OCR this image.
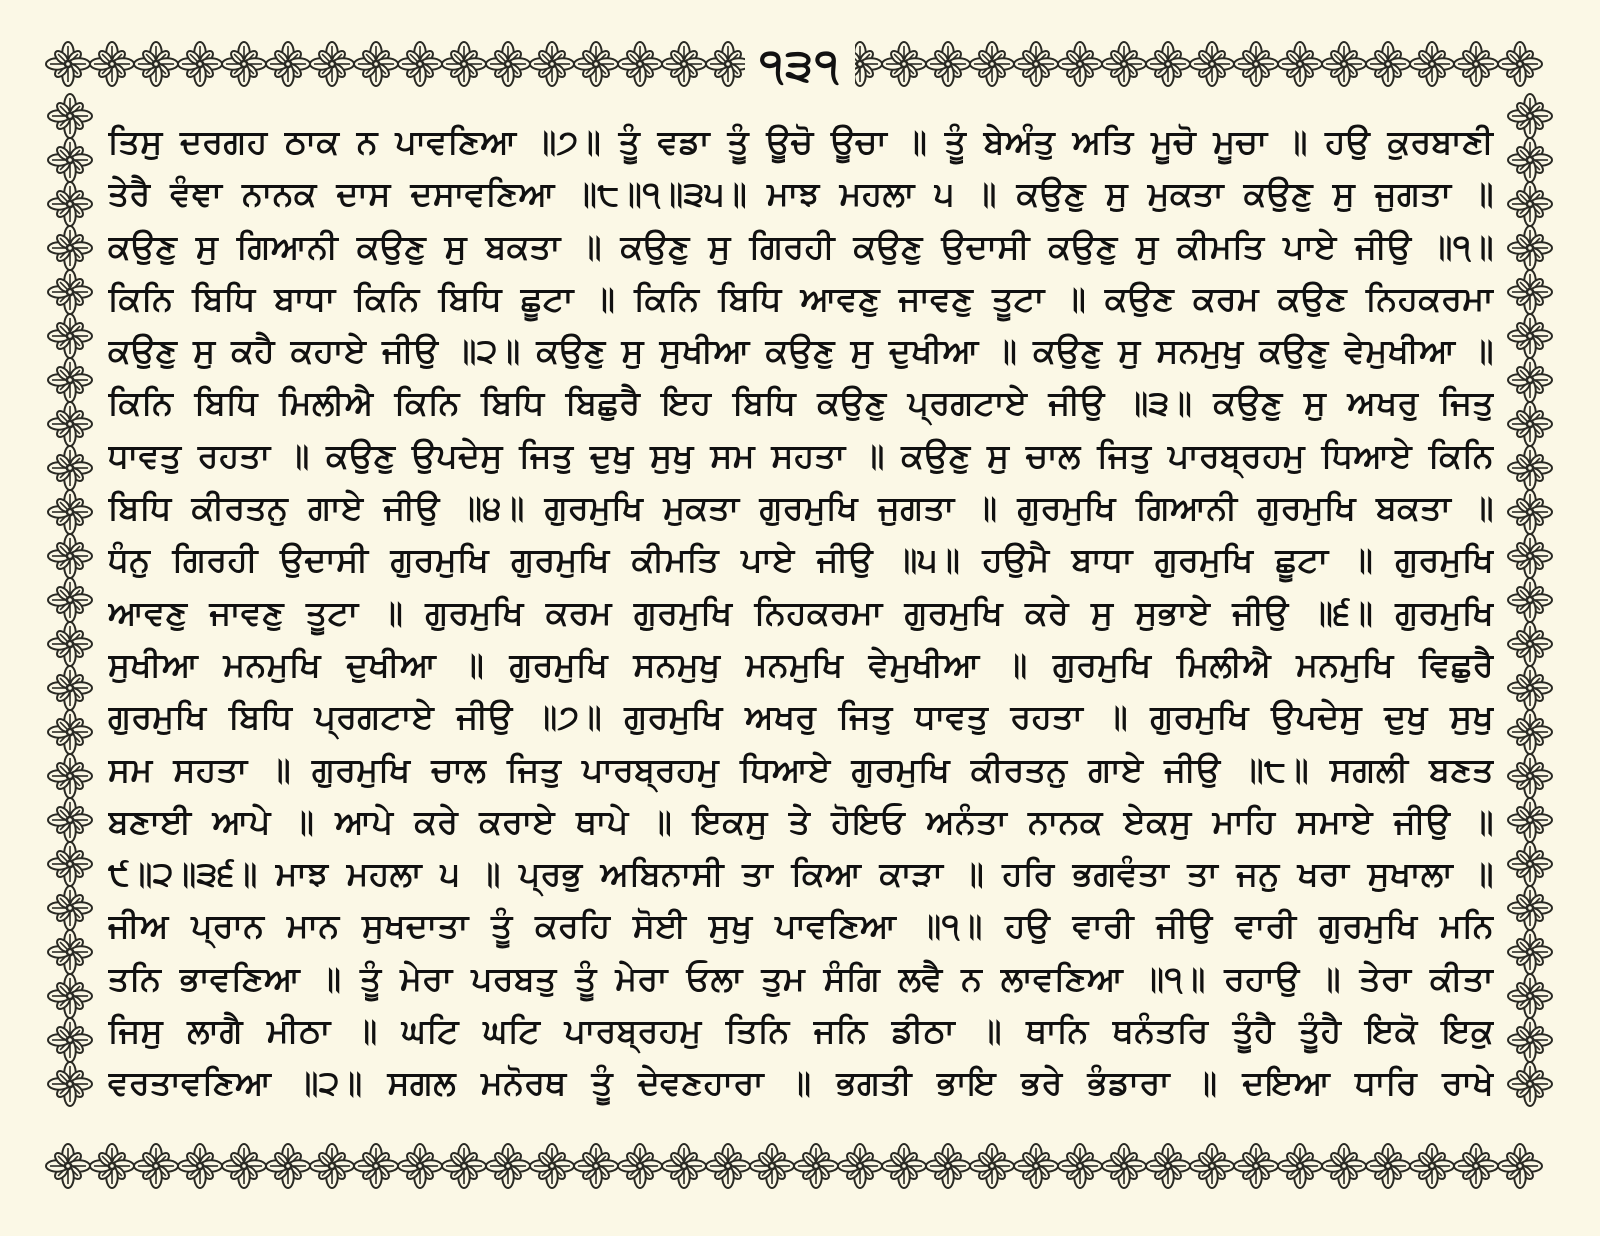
੧੩੧
ਤਿਸੁ ਦਰਗਹ ਠਾਕ ਨ ਪਾਵਣਿਆ ॥੭॥ ਤੂੰ ਵਡਾ ਤੂੰ ਊਚੋ ਊਚਾ ॥ ਤੂੰ ਬੇਅੰਤੁ ਅਤਿ ਮੂਚੋ ਮੂਚਾ ॥ ਹਉ ਕੁਰਬਾਣੀ
ਤੇਰੈ ਵੰਞਾ ਨਾਨਕ ਦਾਸ ਦਸਾਵਣਿਆ ॥੮॥੧॥੩੫॥ ਮਾਝ ਮਹਲਾ ੫ ॥ ਕਉਣੁ ਸੁ ਮੁਕਤਾ ਕਉਣੁ ਸੁ ਜੁਗਤਾ ॥
ਕਉਣੁ ਸੁ ਗਿਆਨੀ ਕਉਣੁ ਸੁ ਬਕਤਾ ॥ ਕਉਣੁ ਸੁ ਗਿਰਹੀ ਕਉਣੁ ਉਦਾਸੀ ਕਉਣੁ ਸੁ ਕੀਮਤਿ ਪਾਏ ਜੀਉ ॥੧॥
ਕਿਨਿ ਬਿਧਿ ਬਾਧਾ ਕਿਨਿ ਬਿਧਿ ਛੂਟਾ ॥ ਕਿਨਿ ਬਿਧਿ ਆਵਣੁ ਜਾਵਣੁ ਤੂਟਾ ॥ ਕਉਣ ਕਰਮ ਕਉਣ ਨਿਹਕਰਮਾ
ਕਉਣੁ ਸੁ ਕਹੈ ਕਹਾਏ ਜੀਉ ॥੨॥ ਕਉਣੁ ਸੁ ਸੁਖੀਆ ਕਉਣੁ ਸੁ ਦੁਖੀਆ ॥ ਕਉਣੁ ਸੁ ਸਨਮੁਖੁ ਕਉਣੁ ਵੇਮੁਖੀਆ ॥
ਕਿਨਿ ਬਿਧਿ ਮਿਲੀਐ ਕਿਨਿ ਬਿਧਿ ਬਿਛੁਰੈ ਇਹ ਬਿਧਿ ਕਉਣੁ ਪ੍ਰਗਟਾਏ ਜੀਉ ॥੩॥ ਕਉਣੁ ਸੁ ਅਖਰੁ ਜਿਤੁ
ਧਾਵਤੁ ਰਹਤਾ ॥ ਕਉਣੁ ਉਪਦੇਸੁ ਜਿਤੁ ਦੁਖੁ ਸੁਖੁ ਸਮ ਸਹਤਾ ॥ ਕਉਣੁ ਸੁ ਚਾਲ ਜਿਤੁ ਪਾਰਬ੍ਰਹਮੁ ਧਿਆਏ ਕਿਨਿ
ਬਿਧਿ ਕੀਰਤਨੁ ਗਾਏ ਜੀਉ ॥੪॥ ਗੁਰਮੁਖਿ ਮੁਕਤਾ ਗੁਰਮੁਖਿ ਜੁਗਤਾ ॥ ਗੁਰਮੁਖਿ ਗਿਆਨੀ ਗੁਰਮੁਖਿ ਬਕਤਾ ॥
ਧੰਨੁ ਗਿਰਹੀ ਉਦਾਸੀ ਗੁਰਮੁਖਿ ਗੁਰਮੁਖਿ ਕੀਮਤਿ ਪਾਏ ਜੀਉ ॥੫॥ ਹਉਮੈ ਬਾਧਾ ਗੁਰਮੁਖਿ ਛੂਟਾ ॥ ਗੁਰਮੁਖਿ
ਆਵਣੁ ਜਾਵਣੁ ਤੂਟਾ ॥ ਗੁਰਮੁਖਿ ਕਰਮ ਗੁਰਮੁਖਿ ਨਿਹਕਰਮਾ ਗੁਰਮੁਖਿ ਕਰੇ ਸੁ ਸੁਭਾਏ ਜੀਉ ॥੬॥ ਗੁਰਮੁਖਿ
ਸੁਖੀਆ ਮਨਮੁਖਿ ਦੁਖੀਆ ॥ ਗੁਰਮੁਖਿ ਸਨਮੁਖੁ ਮਨਮੁਖਿ ਵੇਮੁਖੀਆ ॥ ਗੁਰਮੁਖਿ ਮਿਲੀਐ ਮਨਮੁਖਿ ਵਿਛੁਰੈ
ਗੁਰਮੁਖਿ ਬਿਧਿ ਪ੍ਰਗਟਾਏ ਜੀਉ ॥੭॥ ਗੁਰਮੁਖਿ ਅਖਰੁ ਜਿਤੁ ਧਾਵਤੁ ਰਹਤਾ ॥ ਗੁਰਮੁਖਿ ਉਪਦੇਸੁ ਦੁਖੁ ਸੁਖੁ
ਸਮ ਸਹਤਾ ॥ ਗੁਰਮੁਖਿ ਚਾਲ ਜਿਤੁ ਪਾਰਬ੍ਰਹਮੁ ਧਿਆਏ ਗੁਰਮੁਖਿ ਕੀਰਤਨੁ ਗਾਏ ਜੀਉ ॥੮॥ ਸਗਲੀ ਬਣਤ
ਬਣਾਈ ਆਪੇ ॥ ਆਪੇ ਕਰੇ ਕਰਾਏ ਥਾਪੇ ॥ ਇਕਸੁ ਤੇ ਹੋਇਓ ਅਨੰਤਾ ਨਾਨਕ ਏਕਸੁ ਮਾਹਿ ਸਮਾਏ ਜੀਉ ॥
੯॥੨॥੩੬॥ ਮਾਝ ਮਹਲਾ ੫ ॥ ਪ੍ਰਭੁ ਅਬਿਨਾਸੀ ਤਾ ਕਿਆ ਕਾੜਾ ॥ ਹਰਿ ਭਗਵੰਤਾ ਤਾ ਜਨੁ ਖਰਾ ਸੁਖਾਲਾ ॥
ਜੀਅ ਪ੍ਰਾਨ ਮਾਨ ਸੁਖਦਾਤਾ ਤੂੰ ਕਰਹਿ ਸੋਈ ਸੁਖੁ ਪਾਵਣਿਆ ॥੧॥ ਹਉ ਵਾਰੀ ਜੀਉ ਵਾਰੀ ਗੁਰਮੁਖਿ ਮਨਿ
ਤਨਿ ਭਾਵਣਿਆ ॥ ਤੂੰ ਮੇਰਾ ਪਰਬਤੁ ਤੂੰ ਮੇਰਾ ਓਲਾ ਤੁਮ ਸੰਗਿ ਲਵੈ ਨ ਲਾਵਣਿਆ ॥੧॥ ਰਹਾਉ ॥ ਤੇਰਾ ਕੀਤਾ
ਜਿਸੁ ਲਾਗੈ ਮੀਠਾ ॥ ਘਟਿ ਘਟਿ ਪਾਰਬ੍ਰਹਮੁ ਤਿਨਿ ਜਨਿ ਡੀਠਾ ॥ ਥਾਨਿ ਥਨੰਤਰਿ ਤੂੰਹੈ ਤੂੰਹੈ ਇਕੋ ਇਕੁ
ਵਰਤਾਵਣਿਆ ॥੨॥ ਸਗਲ ਮਨੋਰਥ ਤੂੰ ਦੇਵਣਹਾਰਾ ॥ ਭਗਤੀ ਭਾਇ ਭਰੇ ਭੰਡਾਰਾ ॥ ਦਇਆ ਧਾਰਿ ਰਾਖੇ
